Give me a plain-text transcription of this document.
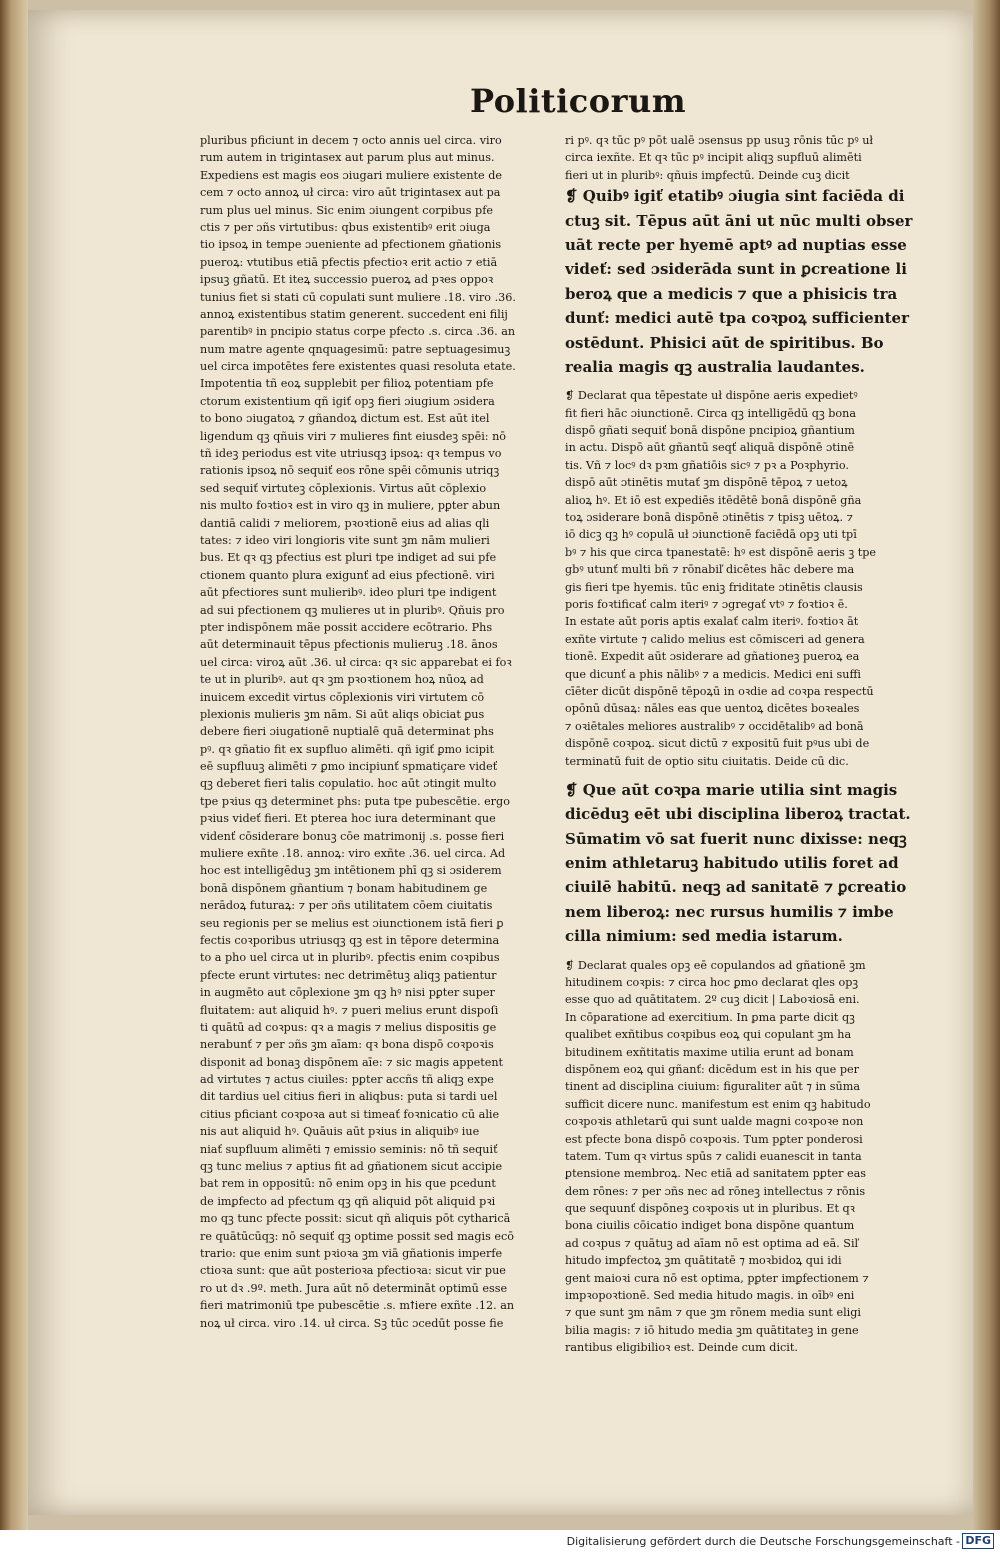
Politicorum
pluribus pficiunt in decem ⁊ octo annis uel circa. viro
rum autem in trigintasex aut parum plus aut minus.
Expediens est magis eos ɔiugari muliere existente de
cem ⁊ octo annoꝝ uł circa: viro aūt trigintasex aut pa
rum plus uel minus. Sic enim ɔiungent corpibus pfe
ctis ⁊ per ɔñs virtutibus: qbus existentibꝰ erit ɔiuga
tio ipsoꝝ in tempe ɔueniente ad pfectionem gñationis
pueroꝝ: vtutibus etiā pfectis pfectioꝛ erit actio ⁊ etiā
ipsuꝫ gñatū. Et iteꝝ successio pueroꝝ ad pꝛes oppoꝛ
tunius fiet si stati cū copulati sunt muliere .18. viro .36.
annoꝝ existentibus statim generent. succedent eni filij
parentibꝰ in pncipio status corpe pfecto .s. circa .36. an
num matre agente qnquagesimū: patre septuagesimuꝫ
uel circa impotētes fere existentes quasi resoluta etate.
Impotentia tñ eoꝝ supplebit per filioꝝ potentiam pfe
ctorum existentium qñ igiť opꝫ fieri ɔiugium ɔsidera
to bono ɔiugatoꝝ ⁊ gñandoꝝ dictum est. Est aūt itel
ligendum qꝫ qñuis viri ⁊ mulieres fint eiusdeꝫ spēi: nō
tñ ideꝫ periodus est vite utriusqꝫ ipsoꝝ: qꝛ tempus vo
rationis ipsoꝝ nō sequiť eos rōne spēi cōmunis utriqꝫ
sed sequiť virtuteꝫ cōplexionis. Virtus aūt cōplexio
nis multo foꝛtioꝛ est in viro qꝫ in muliere, pꝑter abun
dantiā calidi ⁊ meliorem, pꝛoꝛtionē eius ad alias qli
tates: ⁊ ideo viri longioris vite sunt ꝫm nām mulieri
bus. Et qꝛ qꝫ pfectius est pluri tpe indiget ad sui pfe
ctionem quanto plura exigunť ad eius pfectionē. viri
aūt pfectiores sunt mulieribꝰ. ideo pluri tpe indigent
ad sui pfectionem qꝫ mulieres ut in pluribꝰ. Qñuis pro
pter indispōnem mãe possit accidere ecōtrario. Phs
aūt determinauit tēpus pfectionis mulieruꝫ .18. ānos
uel circa: viroꝝ aūt .36. uł circa: qꝛ sic apparebat ei foꝛ
te ut in pluribꝰ. aut qꝛ ꝫm pꝛoꝛtionem hoꝝ nūoꝝ ad
inuicem excedit virtus cōplexionis viri virtutem cō
plexionis mulieris ꝫm nām. Si aūt aliqs obiciat ꝑus
debere fieri ɔiugationē nuptialē quā determinat phs
pꝰ. qꝛ gñatio fit ex supfluo alimēti. qñ igiť ꝑmo icipit
eē supfluuꝫ alimēti ⁊ ꝑmo incipiunť spmatiçare videť
qꝫ deberet fieri talis copulatio. hoc aūt ɔtingit multo
tpe pꝛius qꝫ determinet phs: puta tpe pubescētie. ergo
pꝛius videť fieri. Et pterea hoc iura determinant que
videnť cōsiderare bonuꝫ cōe matrimonij .s. posse fieri
muliere exñte .18. annoꝝ: viro exñte .36. uel circa. Ad
hoc est intelligēduꝫ ꝫm intētionem phī qꝫ si ɔsiderem
bonā dispōnem gñantium ⁊ bonam habitudinem ge
nerādoꝝ futuraꝝ: ⁊ per ɔñs utilitatem cōem ciuitatis
seu regionis per se melius est ɔiunctionem istā fieri ꝑ
fectis coꝛporibus utriusqꝫ qꝫ est in tēpore determina
to a pho uel circa ut in pluribꝰ. pfectis enim coꝛpibus
pfecte erunt virtutes: nec detrimētuꝫ aliqꝫ patientur
in augmēto aut cōplexione ꝫm qꝫ hꝰ nisi pꝑter super
fluitatem: aut aliquid hꝰ. ⁊ pueri melius erunt dispoſi
ti quātū ad coꝛpus: qꝛ a magis ⁊ melius dispositis ge
nerabunť ⁊ per ɔñs ꝫm aīam: qꝛ bona dispō coꝛpoꝛis
disponit ad bonaꝫ dispōnem aīe: ⁊ sic magis appetent
ad virtutes ⁊ actus ciuiles: pꝑter accñs tñ aliqꝫ expe
dit tardius uel citius fieri in aliqbus: puta si tardi uel
citius pficiant coꝛpoꝛa aut si timeať foꝛnicatio cū alie
nis aut aliquid hꝰ. Quāuis aūt pꝛius in aliquibꝰ iue
niať supfluum alimēti ⁊ emissio seminis: nō tñ sequiť
qꝫ tunc melius ⁊ aptius fit ad gñationem sicut accipie
bat rem in oppositū: nō enim opꝫ in his que pcedunt
de imꝑfecto ad pfectum qꝫ qñ aliquid pōt aliquid pꝛi
mo qꝫ tunc pfecte possit: sicut qñ aliquis pōt cytharicā
re quātūcūqꝫ: nō sequiť qꝫ optime possit sed magis ecō
trario: que enim sunt pꝛioꝛa ꝫm viā gñationis imperfe
ctioꝛa sunt: que aūt posterioꝛa pfectioꝛa: sicut vir pue
ro ut dꝛ .9º. meth. Jura aūt nō determināt optimū esse
fieri matrimoniū tpe pubescētie .s. mꝉiere exñte .12. an
noꝝ uł circa. viro .14. uł circa. Sꝫ tūc ɔcedūt posse fie
ri pꝰ. qꝛ tūc pꝰ pōt ualē ɔsensus pp usuꝫ rōnis tūc pꝰ uł
circa iexñte. Et qꝛ tūc pꝰ incipit aliqꝫ supfluū alimēti
fieri ut in pluribꝰ: qñuis imꝑfectū. Deinde cuꝫ dicit
❡ Quibꝰ igiť etatibꝰ ɔiugia sint faciēda di
ctuꝫ sit. Tēpus aūt āni ut nūc multi obser
uāt recte per hyemē aptꝰ ad nuptias esse
videť: sed ɔsiderāda sunt in ꝑcreatione li
beroꝝ que a medicis ⁊ que a phisicis tra
dunť: medici autē tpa coꝛpoꝝ sufficienter
ostēdunt. Phisici aūt de spiritibus. Bo
realia magis qꝫ australia laudantes.
❡ Declarat qua tēpestate uł dispōne aeris expedietꝰ
fit fieri hāc ɔiunctionē. Circa qꝫ intelligēdū qꝫ bona
dispō gñati sequiť bonā dispōne pncipioꝝ gñantium
in actu. Dispō aūt gñantū seqť aliquā dispōnē ɔtinē
tis. Vñ ⁊ locꝰ dꝛ pꝛm gñatiōis sicꝰ ⁊ pꝛ a Poꝛphyrio.
dispō aūt ɔtinētis mutať ꝫm dispōnē tēpoꝝ ⁊ uetoꝝ
alioꝝ hꝰ. Et iō est expediēs itēdētē bonā dispōnē gña
toꝝ ɔsiderare bonā dispōnē ɔtinētis ⁊ tpisꝫ uētoꝝ. ⁊
iō dicꝫ qꝫ hꝰ copulā uł ɔiunctionē faciēdā opꝫ uti tpī
bꝰ ⁊ his que circa tpanestatē: hꝰ est dispōnē aeris ꝫ tpe
gbꝰ utunť multi bñ ⁊ rōnabiľ dicētes hāc debere ma
gis fieri tpe hyemis. tūc eniꝫ friditate ɔtinētis clausis
poris foꝛtificať calm iteriꝰ ⁊ ɔgregať vtꝰ ⁊ foꝛtioꝛ ē.
In estate aūt poris aptis exalať calm iteriꝰ. foꝛtioꝛ āt
exñte virtute ⁊ calido melius est cōmisceri ad genera
tionē. Expedit aūt ɔsiderare ad gñationeꝫ pueroꝝ ea
que dicunť a phis nālibꝰ ⁊ a medicis. Medici eni suffi
cīēter dicūt dispōnē tēpoꝝū in oꝛdie ad coꝛpa respectū
opōnū dūsaꝝ: nāles eas que uentoꝝ dicētes boꝛeales
⁊ oꝛiētales meliores australibꝰ ⁊ occidētalibꝰ ad bonā
dispōnē coꝛpoꝝ. sicut dictū ⁊ expositū fuit pꝰus ubi de
terminatū fuit de optio situ ciuitatis. Deide cū dic.
❡ Que aūt coꝛpa marie utilia sint magis
dicēduꝫ eēt ubi disciplina liberoꝝ tractat.
Sūmatim vō sat fuerit nunc dixisse: neqꝫ
enim athletaruꝫ habitudo utilis foret ad
ciuilē habitū. neqꝫ ad sanitatē ⁊ ꝑcreatio
nem liberoꝝ: nec rursus humilis ⁊ imbe
cilla nimium: sed media istarum.
❡ Declarat quales opꝫ eē copulandos ad gñationē ꝫm
hitudinem coꝛpis: ⁊ circa hoc ꝑmo declarat qles opꝫ
esse quo ad quātitatem. 2º cuꝫ dicit | Laboꝛiosā eni.
In cōparatione ad exercitium. In ꝑma parte dicit qꝫ
qualibet exñtibus coꝛpibus eoꝝ qui copulant ꝫm ha
bitudinem exñtitatis maxime utilia erunt ad bonam
dispōnem eoꝝ qui gñanť: dicēdum est in his que per
tinent ad disciplina ciuium: figuraliter aūt ⁊ in sūma
sufficit dicere nunc. manifestum est enim qꝫ habitudo
coꝛpoꝛis athletarū qui sunt ualde magni coꝛpoꝛe non
est pfecte bona dispō coꝛpoꝛis. Tum pꝑter ponderosi
tatem. Tum qꝛ virtus spūs ⁊ calidi euanescit in tanta
ꝑtensione membroꝝ. Nec etiā ad sanitatem pꝑter eas
dem rōnes: ⁊ per ɔñs nec ad rōneꝫ intellectus ⁊ rōnis
que sequunť dispōneꝫ coꝛpoꝛis ut in pluribus. Et qꝛ
bona ciuilis cōicatio indiget bona dispōne quantum
ad coꝛpus ⁊ quātuꝫ ad aīam nō est optima ad eā. Siľ
hitudo imꝑfectoꝝ ꝫm quātitatē ⁊ moꝛbidoꝝ qui idi
gent maioꝛi cura nō est optima, pꝑter imꝑfectionem ⁊
impꝛopoꝛtionē. Sed media hitudo magis. in oībꝰ eni
⁊ que sunt ꝫm nām ⁊ que ꝫm rōnem media sunt eligi
bilia magis: ⁊ iō hitudo media ꝫm quātitateꝫ in gene
rantibus eligibilioꝛ est. Deinde cum dicit.
Digitalisierung gefördert durch die Deutsche Forschungsgemeinschaft - DFG
